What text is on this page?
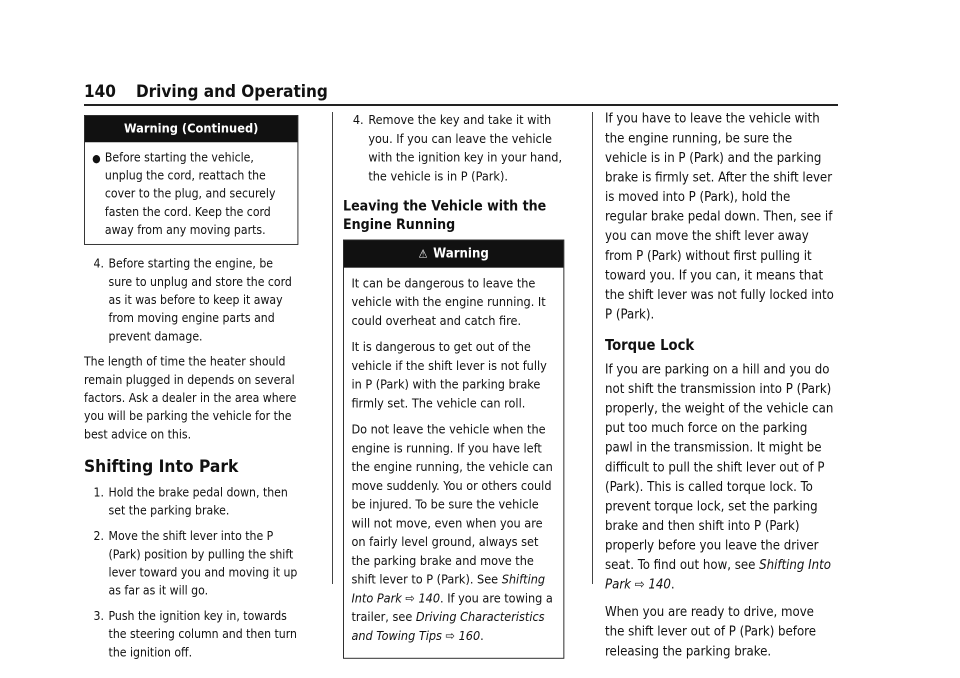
140 Driving and Operating
Warning (Continued)
● Before starting the vehicle, unplug the cord, reattach the cover to the plug, and securely fasten the cord. Keep the cord away from any moving parts.
4. Before starting the engine, be sure to unplug and store the cord as it was before to keep it away from moving engine parts and prevent damage.

The length of time the heater should remain plugged in depends on several factors. Ask a dealer in the area where you will be parking the vehicle for the best advice on this.

Shifting Into Park
1. Hold the brake pedal down, then set the parking brake.
2. Move the shift lever into the P (Park) position by pulling the shift lever toward you and moving it up as far as it will go.
3. Push the ignition key in, towards the steering column and then turn the ignition off.
4. Remove the key and take it with you. If you can leave the vehicle with the ignition key in your hand, the vehicle is in P (Park).
Leaving the Vehicle with the Engine Running
⚠ Warning

It can be dangerous to leave the vehicle with the engine running. It could overheat and catch fire.

It is dangerous to get out of the vehicle if the shift lever is not fully in P (Park) with the parking brake firmly set. The vehicle can roll.

Do not leave the vehicle when the engine is running. If you have left the engine running, the vehicle can move suddenly. You or others could be injured. To be sure the vehicle will not move, even when you are on fairly level ground, always set the parking brake and move the shift lever to P (Park). See Shifting Into Park ⇨ 140. If you are towing a trailer, see Driving Characteristics and Towing Tips ⇨ 160.

If you have to leave the vehicle with the engine running, be sure the vehicle is in P (Park) and the parking brake is firmly set. After the shift lever is moved into P (Park), hold the regular brake pedal down. Then, see if you can move the shift lever away from P (Park) without first pulling it toward you. If you can, it means that the shift lever was not fully locked into P (Park).

Torque Lock

If you are parking on a hill and you do not shift the transmission into P (Park) properly, the weight of the vehicle can put too much force on the parking pawl in the transmission. It might be difficult to pull the shift lever out of P (Park). This is called torque lock. To prevent torque lock, set the parking brake and then shift into P (Park) properly before you leave the driver seat. To find out how, see Shifting Into Park ⇨ 140.

When you are ready to drive, move the shift lever out of P (Park) before releasing the parking brake.
